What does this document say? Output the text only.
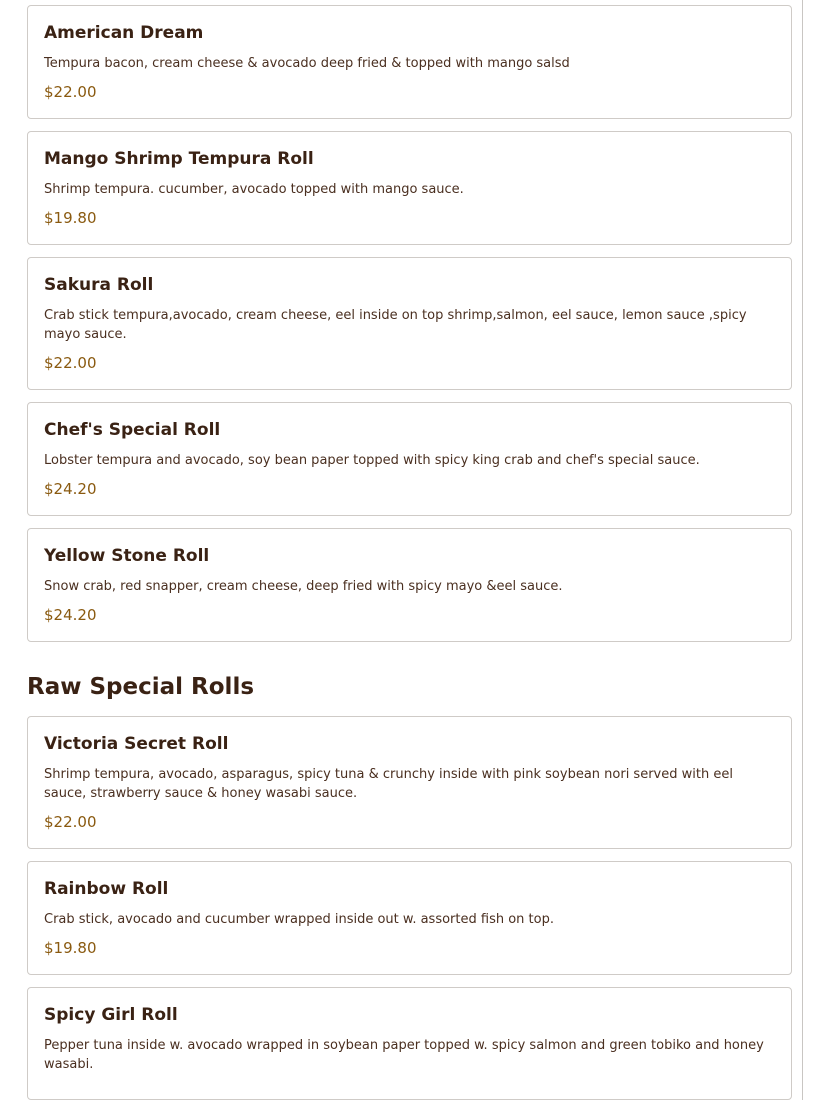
American Dream
Tempura bacon, cream cheese & avocado deep fried & topped with mango salsd
$22.00
Mango Shrimp Tempura Roll
Shrimp tempura. cucumber, avocado topped with mango sauce.
$19.80
Sakura Roll
Crab stick tempura,avocado, cream cheese, eel inside on top shrimp,salmon, eel sauce, lemon sauce ,spicy mayo sauce.
$22.00
Chef's Special Roll
Lobster tempura and avocado, soy bean paper topped with spicy king crab and chef's special sauce.
$24.20
Yellow Stone Roll
Snow crab, red snapper, cream cheese, deep fried with spicy mayo &eel sauce.
$24.20
Raw Special Rolls
Victoria Secret Roll
Shrimp tempura, avocado, asparagus, spicy tuna & crunchy inside with pink soybean nori served with eel sauce, strawberry sauce & honey wasabi sauce.
$22.00
Rainbow Roll
Crab stick, avocado and cucumber wrapped inside out w. assorted fish on top.
$19.80
Spicy Girl Roll
Pepper tuna inside w. avocado wrapped in soybean paper topped w. spicy salmon and green tobiko and honey wasabi.
